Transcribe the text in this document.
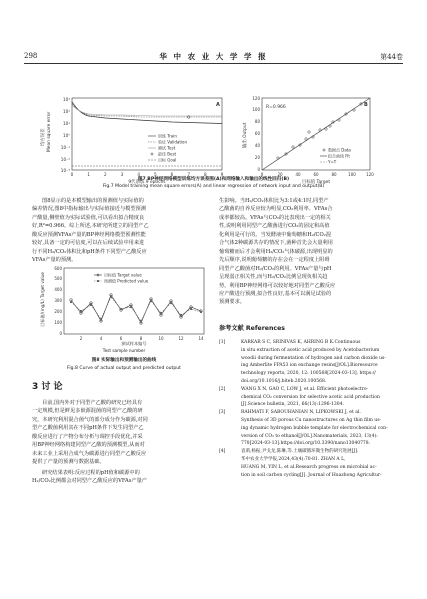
298	华 中 农 业 大 学 学 报	第44卷
10³
10²
10¹
10⁰
10⁻¹
10⁻²
10⁻³
0	1	2	3	4	5	6	7	8	9
均方误差 Mean square error
9代训练 9 epochs
训练 Train
验证 Validation
测试 Test
最佳 Best
目标 Goal
A
0
20
40
60
80
100
120
0	20	40	60	80	100	120
输出 Output
目标值 Target
数据点 Data
拟合曲线 Fit
Y=T
R=0.966	B
图7 BP神经网络模型训练均方误差图(A)和网络输入和输出的线性回归(B)
Fig.7 Model training mean square errors(A) and linear regression of network input and output(B)
图8显示的是本模型输出的预测值与实际值的
偏差情况,图8中指标输出与实际值接近与模型预测
产酸量,侧壁值为实际试验值,可以看出拟合精度良
好,R²=0.966。综上所述,本研究所建立的同型产乙
酸反应预测VFAs产量的BP神经网络模型预测性能
较好,具备一定的可信度,可以在后续试验中用来进
行不同H₂/CO₂体积比和pH条件下同型产乙酸反应
VFAs产量的预测。
0
100
200
300
400
500
600
2	4	6	8	10	12	14
目标值/(mg/L) Target value
测试样本编号
目标值 Target value
预测值 Predicted value
Test sample number
图8 实际输出和预测输出的曲线
Fig.8 Curve of actual output and predicted output
3 讨 论
目前,国内外对于同型产乙酸的研究已经具有
一定规模,但是鲜见多嵌源混菌的同型产乙酸的研
究。本研究利用混合菌气的部分成分作为碳源,对同
型产乙酸菌利用其在不同pH条件下发生同型产乙
酸反应进行了产物分布分析与调控手段优化,并采
用BP神经网络构建同型产乙酸的预测模型,从而对
未来工业上采用合成气为碳源进行同型产乙酸反应
提供了产量的预测与数据基础。
研究结果表明:反应过程的pH值和碳源中的
H₂/CO₂比例都会对同型产乙酸反应的VFAs产量产
生影响。当H₂/CO₂体积比为3:1或4:1时,同型产
乙酸菌的自养反应较为明显,CO₂利用率、VFAs合
成率都较高。VFAs与CO₂的比表现出一定的相关
性,说明利用同型产乙酸菌进行CO₂的固定和高值
化利用是可行的。当发酵液中葡萄糖和H₂/CO₂混
合气体2种碳源共存的情况下,菌种首先会大量利用
葡萄糖而后才会利用H₂/CO₂气体碳源,出现明显的
先后顺序,说明葡萄糖的存在会在一定程度上阻碍
同型产乙酸菌对H₂/CO₂的利用。VFAs产量与pH
呈现弱正相关性,而与H₂/CO₂比例呈现负相关趋
势。利用BP神经网络可以较好地对同型产乙酸反应
应产酸进行预测,拟合性良好,基本可以满足试验的
预测要求。
参考文献 References
[1]	KARKAR S C, SRINIVAS K, AHRING B K.Continuous
in situ extraction of acetic acid produced by Acetobacterium
woodii during fermentation of hydrogen and carbon dioxide us-
ing Amberlite FPA53 ion exchange resins[J/OL].Bioresource
technology reports, 2020, 12: 100568[2024-03-13]. https://
doi.org/10.1016/j.biteb.2020.100568.
[2]	WANG X N, GAO C, LOW J, et al. Efficient photoelectro-
chemical CO₂ conversion for selective acetic acid production
[J].Science bulletin, 2021, 66(13):1296-1304.
[3]	RAHMATI F, SABOUHANIAN N, LIPKOWSKI J, et al.
Synthesis of 3D porous Cu nanostructures on Ag thin film us-
ing dynamic hydrogen bubble template for electrochemical con-
version of CO₂ to ethanol[J/OL].Nanomaterials, 2023, 13(4):
778[2024-03-13].https://doi.org/10.3390/nano13040778.
[4]	袁萌,杨振,尹戈龙,陈琳,等.土壤碳循环微生物的研究进展[J].
华中农业大学学报,2024,43(4):70-81. ZHAN A L,
HUANG M, YIN L, et al.Research progress on microbial ac-
tion in soil carbon cycling[J]. Journal of Huazhong Agricultur-
